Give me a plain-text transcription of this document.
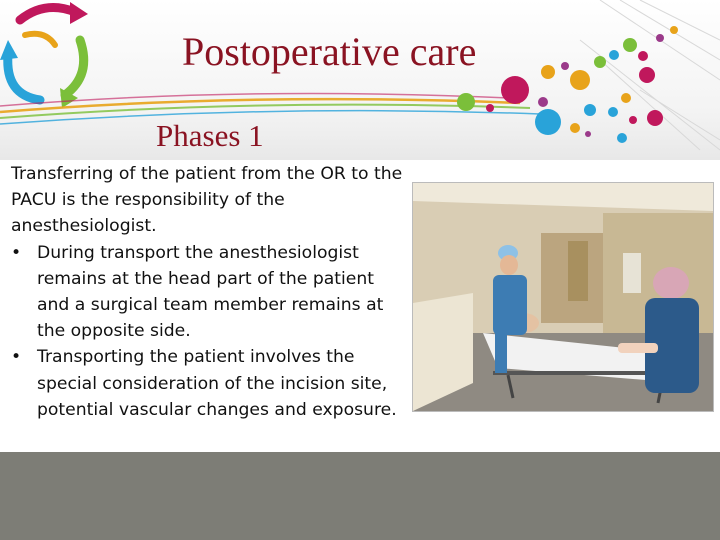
Postoperative care
Phases 1

Transferring of the patient from the OR to the PACU is the responsibility of the anesthesiologist.

• During transport the anesthesiologist remains at the head part of the patient and a surgical team member remains at the opposite side.
• Transporting the patient involves the special consideration of the incision site, potential vascular changes and exposure.
